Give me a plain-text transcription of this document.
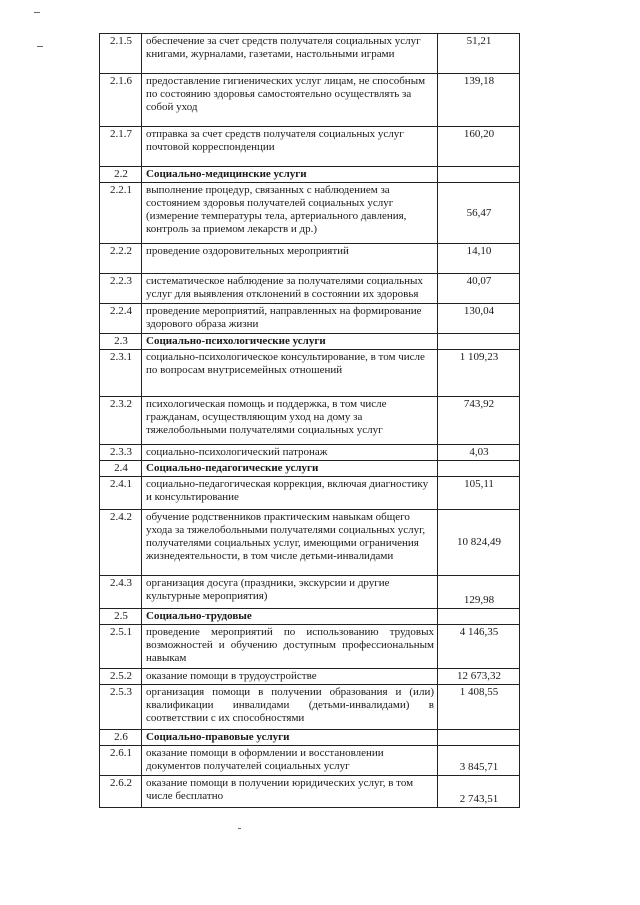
2.1.5	обеспечение за счет средств получателя социальных услуг книгами, журналами, газетами, настольными играми	51,21
2.1.6	предоставление гигиенических услуг лицам, не способным по состоянию здоровья самостоятельно осуществлять за собой уход	139,18
2.1.7	отправка за счет средств получателя социальных услуг почтовой корреспонденции	160,20
2.2	Социально-медицинские услуги	
2.2.1	выполнение процедур, связанных с наблюдением за состоянием здоровья получателей социальных услуг (измерение температуры тела, артериального давления, контроль за приемом лекарств и др.)	56,47
2.2.2	проведение оздоровительных мероприятий	14,10
2.2.3	систематическое наблюдение за получателями социальных услуг для выявления отклонений в состоянии их здоровья	40,07
2.2.4	проведение мероприятий, направленных на формирование здорового образа жизни	130,04
2.3	Социально-психологические услуги	
2.3.1	социально-психологическое консультирование, в том числе по вопросам внутрисемейных отношений	1 109,23
2.3.2	психологическая помощь и поддержка, в том числе гражданам, осуществляющим уход на дому за тяжелобольными получателями социальных услуг	743,92
2.3.3	социально-психологический патронаж	4,03
2.4	Социально-педагогические услуги	
2.4.1	социально-педагогическая коррекция, включая диагностику и консультирование	105,11
2.4.2	обучение родственников практическим навыкам общего ухода за тяжелобольными получателями социальных услуг, получателями социальных услуг, имеющими ограничения жизнедеятельности, в том числе детьми-инвалидами	10 824,49
2.4.3	организация досуга (праздники, экскурсии и другие культурные мероприятия)	129,98
2.5	Социально-трудовые	
2.5.1	проведение мероприятий по использованию трудовых возможностей и обучению доступным профессиональным навыкам	4 146,35
2.5.2	оказание помощи в трудоустройстве	12 673,32
2.5.3	организация помощи в получении образования и (или) квалификации инвалидами (детьми-инвалидами) в соответствии с их способностями	1 408,55
2.6	Социально-правовые услуги	
2.6.1	оказание помощи в оформлении и восстановлении документов получателей социальных услуг	3 845,71
2.6.2	оказание помощи в получении юридических услуг, в том числе бесплатно	2 743,51
